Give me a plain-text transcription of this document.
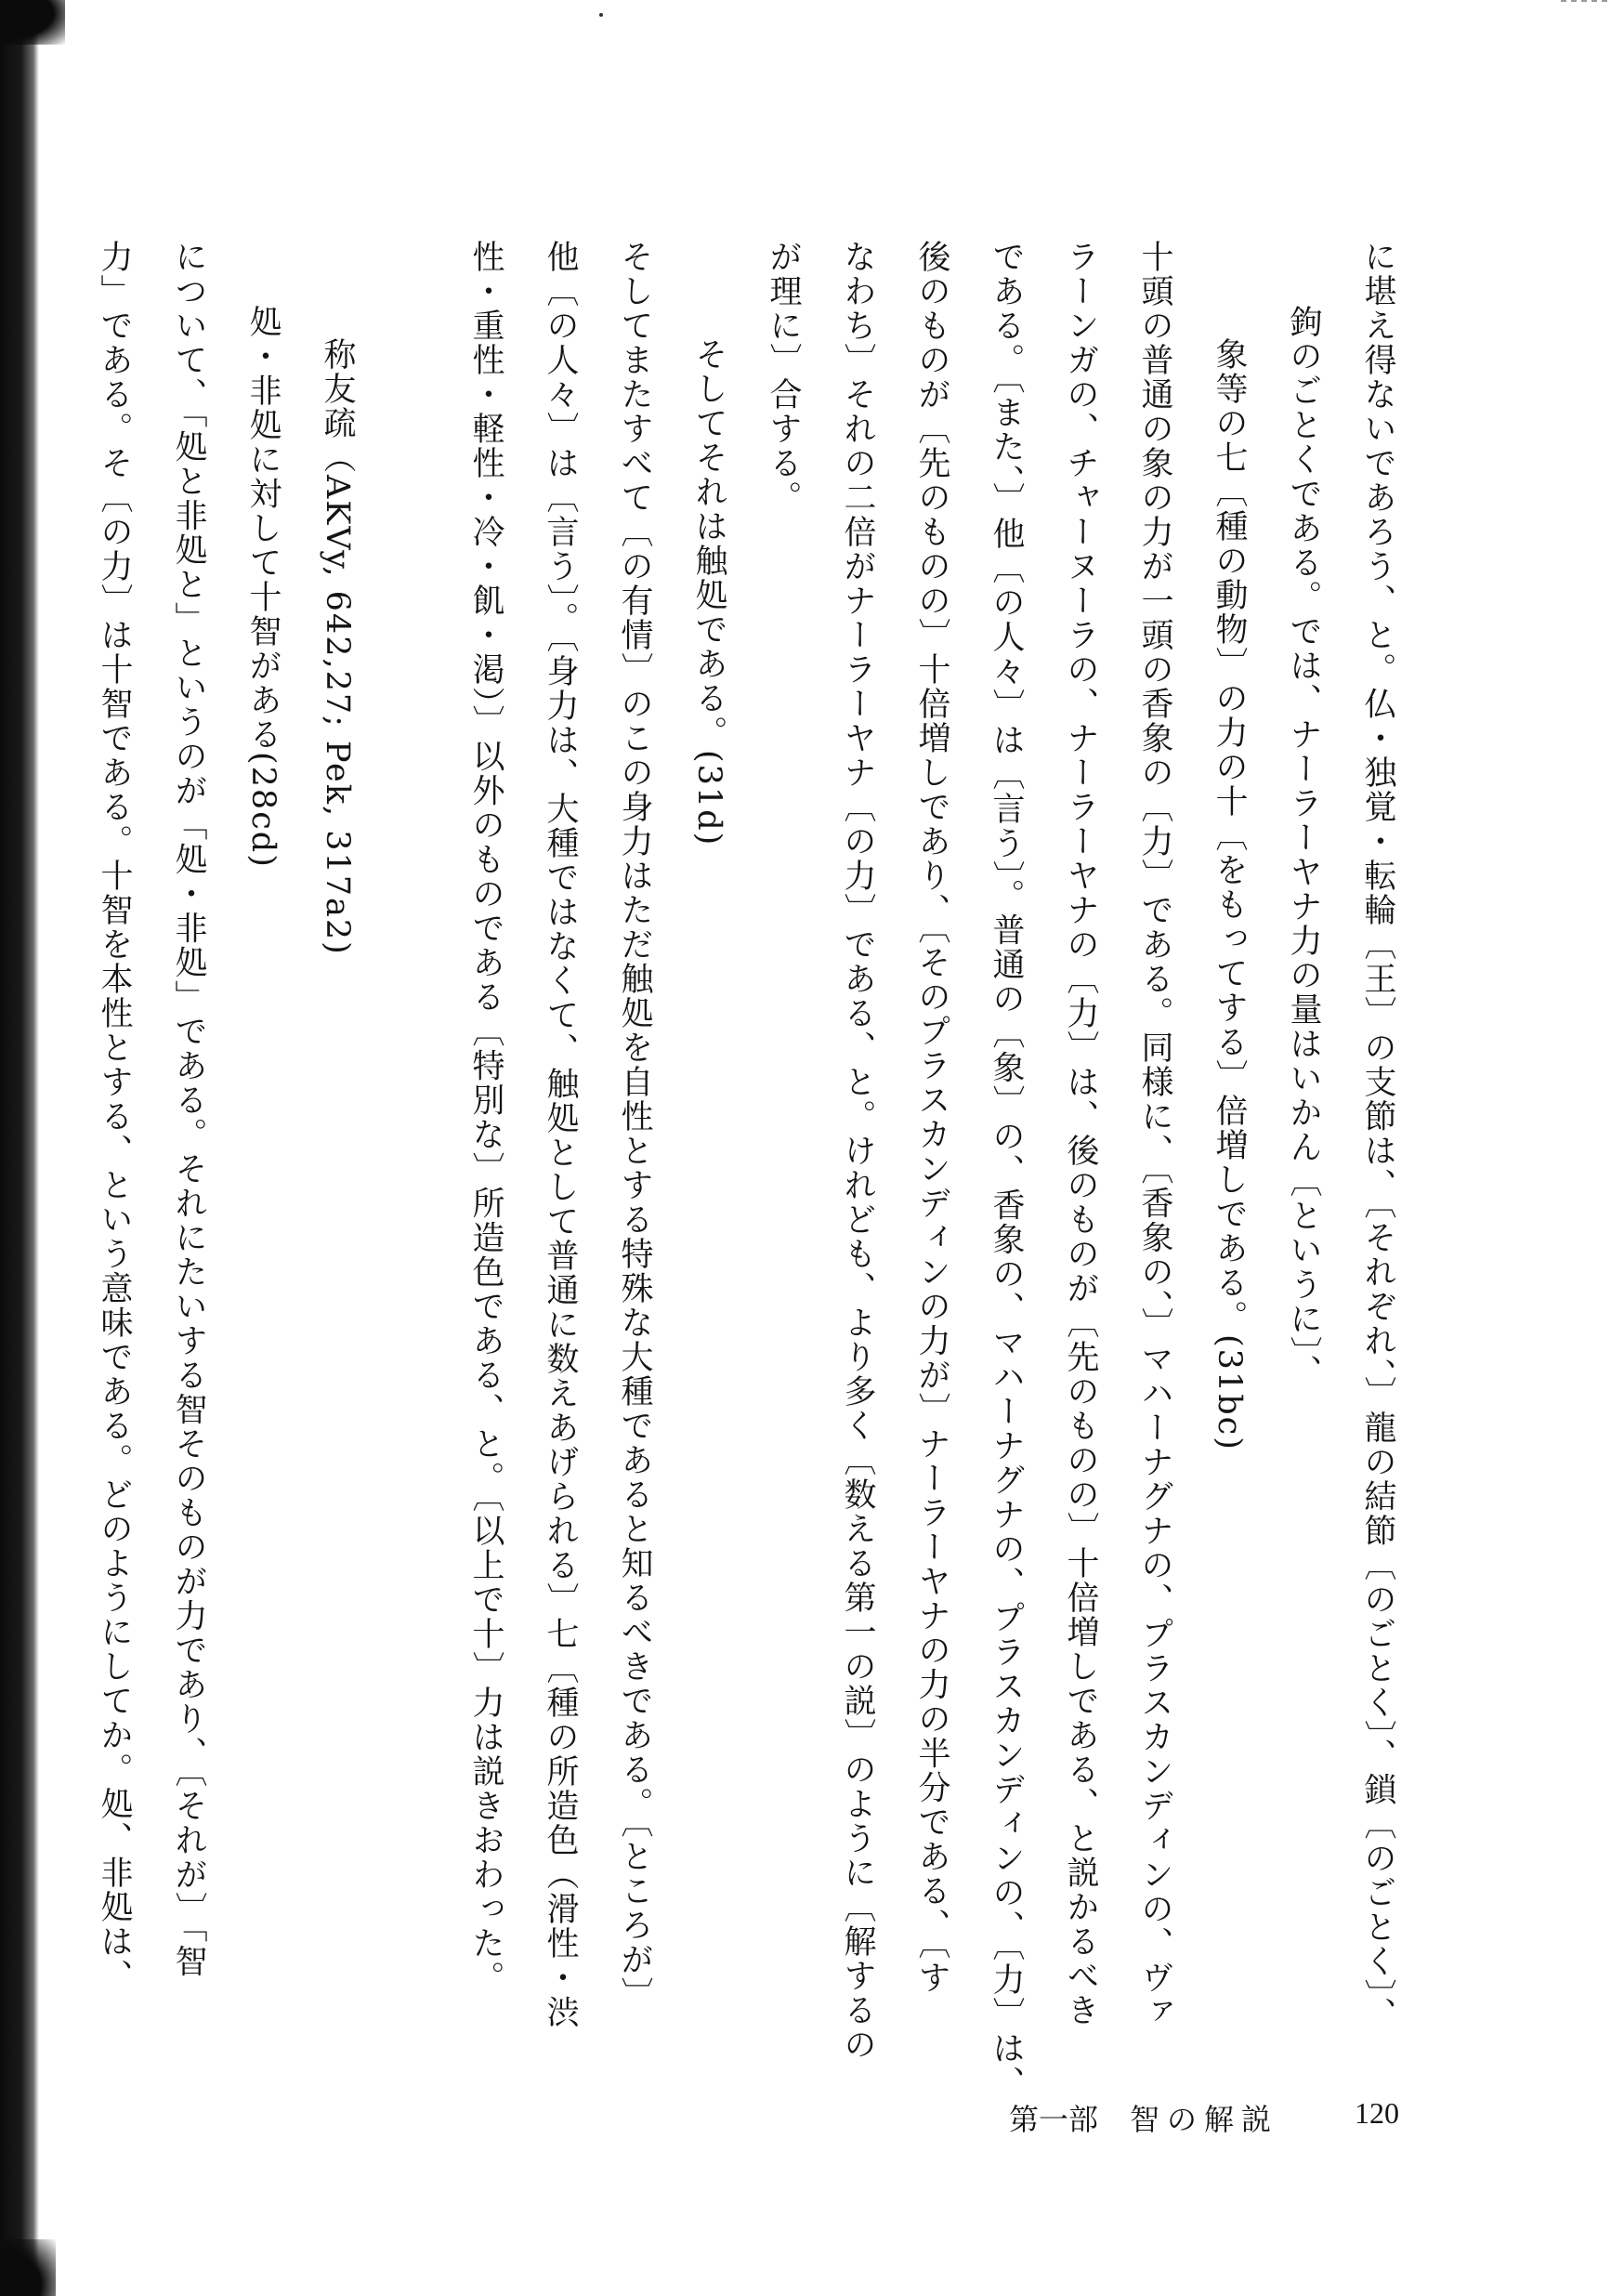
に堪え得ないであろう、と。仏・独覚・転輪〔王〕の支節は、〔それぞれ、〕龍の結節〔のごとく〕、鎖〔のごとく〕、
鉤のごとくである。では、ナーラーヤナ力の量はいかん〔というに〕、
象等の七〔種の動物〕の力の十〔をもってする〕倍増しである。(31bc)
十頭の普通の象の力が一頭の香象の〔力〕である。同様に、〔香象の、〕マハーナグナの、プラスカンディンの、ヴァ
ラーンガの、チャーヌーラの、ナーラーヤナの〔力〕は、後のものが〔先のものの〕十倍増しである、と説かるべき
である。〔また、〕他〔の人々〕は〔言う〕。普通の〔象〕の、香象の、マハーナグナの、プラスカンディンの、〔力〕は、
後のものが〔先のものの〕十倍増しであり、〔そのプラスカンディンの力が〕ナーラーヤナの力の半分である、〔す
なわち〕それの二倍がナーラーヤナ〔の力〕である、と。けれども、より多く〔数える第一の説〕のように〔解するの
が理に〕合する。
そしてそれは触処である。(31d)
そしてまたすべて〔の有情〕のこの身力はただ触処を自性とする特殊な大種であると知るべきである。〔ところが〕
他〔の人々〕は〔言う〕。〔身力は、大種ではなくて、触処として普通に数えあげられる〕七〔種の所造色（滑性・渋
性・重性・軽性・冷・飢・渇）〕以外のものである〔特別な〕所造色である、と。〔以上で十〕力は説きおわった。
称友疏（AKVy, 642,27; Pek, 317a2)
処・非処に対して十智がある(28cd)
について、「処と非処と」というのが「処・非処」である。それにたいする智そのものが力であり、〔それが〕「智
力」である。そ〔の力〕は十智である。十智を本性とする、という意味である。どのようにしてか。処、非処は、
第一部 智の解説	120
